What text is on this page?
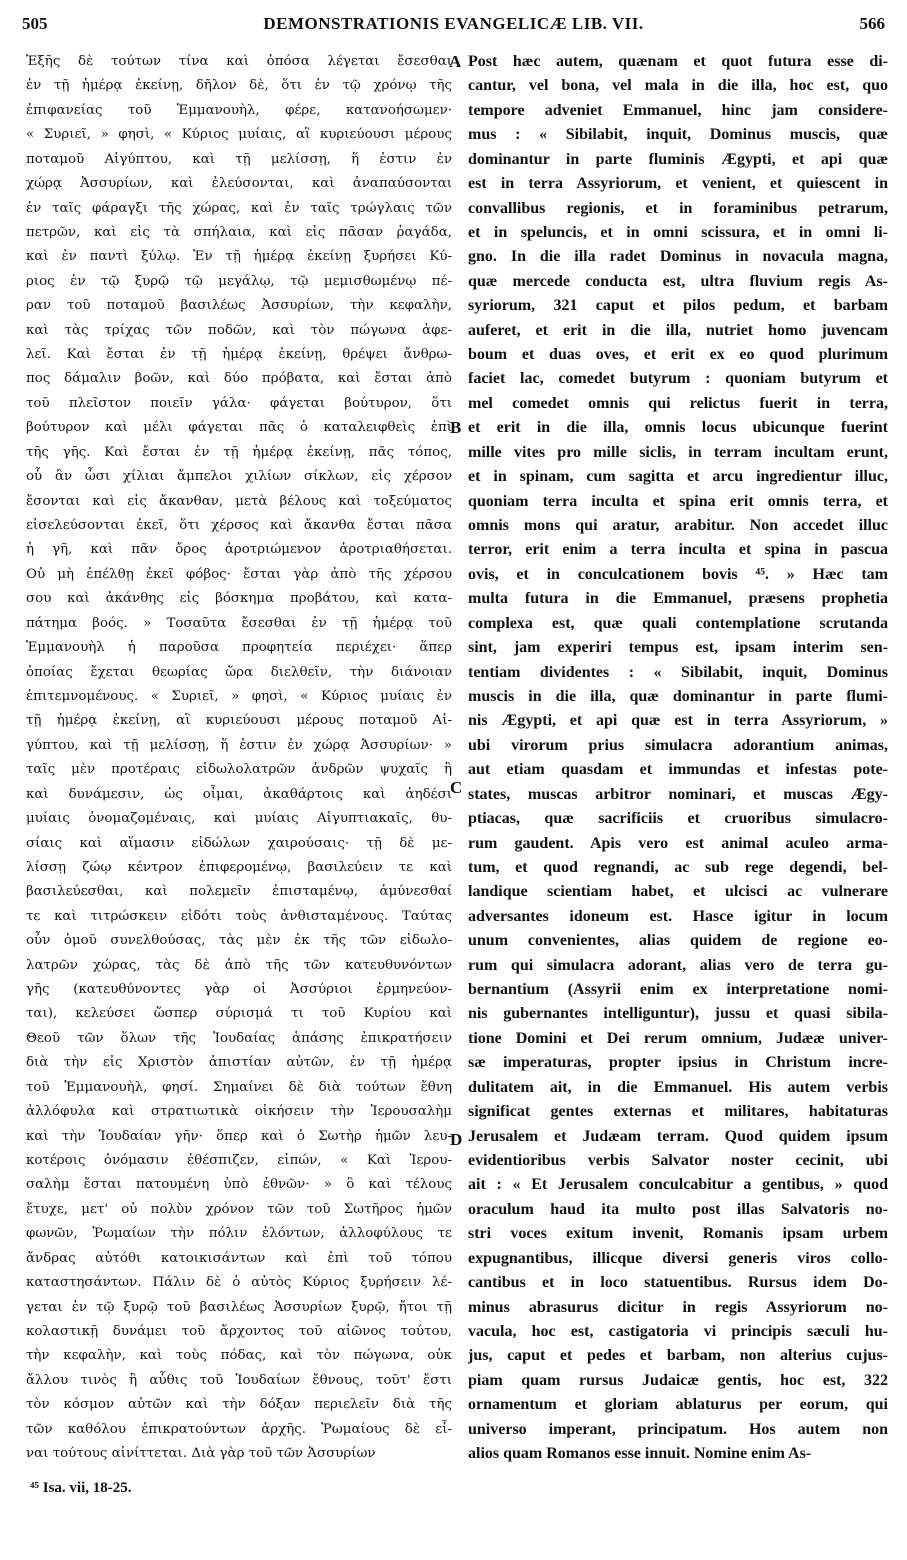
505	DEMONSTRATIONIS EVANGELICÆ LIB. VII.	566
Ἐξῆς δὲ τούτων τίνα καὶ ὁπόσα λέγεται ἔσεσθαι
ἐν τῇ ἡμέρᾳ ἐκείνῃ, δῆλον δὲ, ὅτι ἐν τῷ χρόνῳ τῆς
ἐπιφανείας τοῦ Ἐμμανουὴλ, φέρε, κατανοήσωμεν·
« Συριεῖ, » φησὶ, « Κύριος μυίαις, αἳ κυριεύουσι μέρους
ποταμοῦ Αἰγύπτου, καὶ τῇ μελίσσῃ, ἥ ἐστιν ἐν
χώρᾳ Ἀσσυρίων, καὶ ἐλεύσονται, καὶ ἀναπαύσονται
ἐν ταῖς φάραγξι τῆς χώρας, καὶ ἐν ταῖς τρώγλαις τῶν
πετρῶν, καὶ εἰς τὰ σπήλαια, καὶ εἰς πᾶσαν ῥαγάδα,
καὶ ἐν παντὶ ξύλῳ. Ἐν τῇ ἡμέρᾳ ἐκείνῃ ξυρήσει Κύ-
ριος ἐν τῷ ξυρῷ τῷ μεγάλῳ, τῷ μεμισθωμένῳ πέ-
ραν τοῦ ποταμοῦ βασιλέως Ἀσσυρίων, τὴν κεφαλὴν,
καὶ τὰς τρίχας τῶν ποδῶν, καὶ τὸν πώγωνα ἀφε-
λεῖ. Καὶ ἔσται ἐν τῇ ἡμέρᾳ ἐκείνῃ, θρέψει ἄνθρω-
πος δάμαλιν βοῶν, καὶ δύο πρόβατα, καὶ ἔσται ἀπὸ
τοῦ πλεῖστον ποιεῖν γάλα· φάγεται βούτυρον, ὅτι
βούτυρον καὶ μέλι φάγεται πᾶς ὁ καταλειφθεὶς ἐπὶ
τῆς γῆς. Καὶ ἔσται ἐν τῇ ἡμέρᾳ ἐκείνῃ, πᾶς τόπος,
οὗ ἂν ὦσι χίλιαι ἄμπελοι χιλίων σίκλων, εἰς χέρσον
ἔσονται καὶ εἰς ἄκανθαν, μετὰ βέλους καὶ τοξεύματος
εἰσελεύσονται ἐκεῖ, ὅτι χέρσος καὶ ἄκανθα ἔσται πᾶσα
ἡ γῆ, καὶ πᾶν ὄρος ἀροτριώμενον ἀροτριαθήσεται.
Οὐ μὴ ἐπέλθῃ ἐκεῖ φόβος· ἔσται γὰρ ἀπὸ τῆς χέρσου
σου καὶ ἀκάνθης εἰς βόσκημα προβάτου, καὶ κατα-
πάτημα βοός. » Τοσαῦτα ἔσεσθαι ἐν τῇ ἡμέρᾳ τοῦ
Ἐμμανουὴλ ἡ παροῦσα προφητεία περιέχει· ἅπερ
ὁποίας ἔχεται θεωρίας ὥρα διελθεῖν, τὴν διάνοιαν
ἐπιτεμνομένους. « Συριεῖ, » φησὶ, « Κύριος μυίαις ἐν
τῇ ἡμέρᾳ ἐκείνῃ, αἳ κυριεύουσι μέρους ποταμοῦ Αἰ-
γύπτου, καὶ τῇ μελίσσῃ, ἥ ἐστιν ἐν χώρᾳ Ἀσσυρίων· »
ταῖς μὲν προτέραις εἰδωλολατρῶν ἀνδρῶν ψυχαῖς ἢ
καὶ δυνάμεσιν, ὡς οἶμαι, ἀκαθάρτοις καὶ ἀηδέσι
μυίαις ὀνομαζομέναις, καὶ μυίαις Αἰγυπτιακαῖς, θυ-
σίαις καὶ αἵμασιν εἰδώλων χαιρούσαις· τῇ δὲ με-
λίσσῃ ζώῳ κέντρον ἐπιφερομένῳ, βασιλεύειν τε καὶ
βασιλεύεσθαι, καὶ πολεμεῖν ἐπισταμένῳ, ἀμύνεσθαί
τε καὶ τιτρώσκειν εἰδότι τοὺς ἀνθισταμένους. Ταύτας
οὖν ὁμοῦ συνελθούσας, τὰς μὲν ἐκ τῆς τῶν εἰδωλο-
λατρῶν χώρας, τὰς δὲ ἀπὸ τῆς τῶν κατευθυνόντων
γῆς (κατευθύνοντες γὰρ οἱ Ἀσσύριοι ἑρμηνεύον-
ται), κελεύσει ὥσπερ σύρισμά τι τοῦ Κυρίου καὶ
Θεοῦ τῶν ὅλων τῆς Ἰουδαίας ἁπάσης ἐπικρατήσειν
διὰ τὴν εἰς Χριστὸν ἀπιστίαν αὐτῶν, ἐν τῇ ἡμέρᾳ
τοῦ Ἐμμανουὴλ, φησί. Σημαίνει δὲ διὰ τούτων ἔθνη
ἀλλόφυλα καὶ στρατιωτικὰ οἰκήσειν τὴν Ἱερουσαλὴμ
καὶ τὴν Ἰουδαίαν γῆν· ὅπερ καὶ ὁ Σωτὴρ ἡμῶν λευ-
κοτέροις ὀνόμασιν ἐθέσπιζεν, εἰπών, « Καὶ Ἱερου-
σαλὴμ ἔσται πατουμένη ὑπὸ ἐθνῶν· » ὃ καὶ τέλους
ἔτυχε, μετ' οὐ πολὺν χρόνον τῶν τοῦ Σωτῆρος ἡμῶν
φωνῶν, Ῥωμαίων τὴν πόλιν ἑλόντων, ἀλλοφύλους τε
ἄνδρας αὐτόθι κατοικισάντων καὶ ἐπὶ τοῦ τόπου
καταστησάντων. Πάλιν δὲ ὁ αὐτὸς Κύριος ξυρήσειν λέ-
γεται ἐν τῷ ξυρῷ τοῦ βασιλέως Ἀσσυρίων ξυρῷ, ἤτοι τῇ
κολαστικῇ δυνάμει τοῦ ἄρχοντος τοῦ αἰῶνος τούτου,
τὴν κεφαλὴν, καὶ τοὺς πόδας, καὶ τὸν πώγωνα, οὐκ
ἄλλου τινὸς ἢ αὖθις τοῦ Ἰουδαίων ἔθνους, τοῦτ' ἔστι
τὸν κόσμον αὐτῶν καὶ τὴν δόξαν περιελεῖν διὰ τῆς
τῶν καθόλου ἐπικρατούντων ἀρχῆς. Ῥωμαίους δὲ εἶ-
ναι τούτους αἰνίττεται. Διὰ γὰρ τοῦ τῶν Ἀσσυρίων
A
B
C
D
Post hæc autem, quænam et quot futura esse di-
cantur, vel bona, vel mala in die illa, hoc est, quo
tempore adveniet Emmanuel, hinc jam considere-
mus : « Sibilabit, inquit, Dominus muscis, quæ
dominantur in parte fluminis Ægypti, et api quæ
est in terra Assyriorum, et venient, et quiescent in
convallibus regionis, et in foraminibus petrarum,
et in speluncis, et in omni scissura, et in omni li-
gno. In die illa radet Dominus in novacula magna,
quæ mercede conducta est, ultra fluvium regis As-
syriorum, 321 caput et pilos pedum, et barbam
auferet, et erit in die illa, nutriet homo juvencam
boum et duas oves, et erit ex eo quod plurimum
faciet lac, comedet butyrum : quoniam butyrum et
mel comedet omnis qui relictus fuerit in terra,
et erit in die illa, omnis locus ubicunque fuerint
mille vites pro mille siclis, in terram incultam erunt,
et in spinam, cum sagitta et arcu ingredientur illuc,
quoniam terra inculta et spina erit omnis terra, et
omnis mons qui aratur, arabitur. Non accedet illuc
terror, erit enim a terra inculta et spina in pascua
ovis, et in conculcationem bovis ⁴⁵. » Hæc tam
multa futura in die Emmanuel, præsens prophetia
complexa est, quæ quali contemplatione scrutanda
sint, jam experiri tempus est, ipsam interim sen-
tentiam dividentes : « Sibilabit, inquit, Dominus
muscis in die illa, quæ dominantur in parte flumi-
nis Ægypti, et api quæ est in terra Assyriorum, »
ubi virorum prius simulacra adorantium animas,
aut etiam quasdam et immundas et infestas pote-
states, muscas arbitror nominari, et muscas Ægy-
ptiacas, quæ sacrificiis et cruoribus simulacro-
rum gaudent. Apis vero est animal aculeo arma-
tum, et quod regnandi, ac sub rege degendi, bel-
landique scientiam habet, et ulcisci ac vulnerare
adversantes idoneum est. Hasce igitur in locum
unum convenientes, alias quidem de regione eo-
rum qui simulacra adorant, alias vero de terra gu-
bernantium (Assyrii enim ex interpretatione nomi-
nis gubernantes intelliguntur), jussu et quasi sibila-
tione Domini et Dei rerum omnium, Judææ univer-
sæ imperaturas, propter ipsius in Christum incre-
dulitatem ait, in die Emmanuel. His autem verbis
significat gentes externas et militares, habitaturas
Jerusalem et Judæam terram. Quod quidem ipsum
evidentioribus verbis Salvator noster cecinit, ubi
ait : « Et Jerusalem conculcabitur a gentibus, » quod
oraculum haud ita multo post illas Salvatoris no-
stri voces exitum invenit, Romanis ipsam urbem
expugnantibus, illicque diversi generis viros collo-
cantibus et in loco statuentibus. Rursus idem Do-
minus abrasurus dicitur in regis Assyriorum no-
vacula, hoc est, castigatoria vi principis sæculi hu-
jus, caput et pedes et barbam, non alterius cujus-
piam quam rursus Judaicæ gentis, hoc est, 322
ornamentum et gloriam ablaturus per eorum, qui
universo imperant, principatum. Hos autem non
alios quam Romanos esse innuit. Nomine enim As-
⁴⁵ Isa. vii, 18-25.
